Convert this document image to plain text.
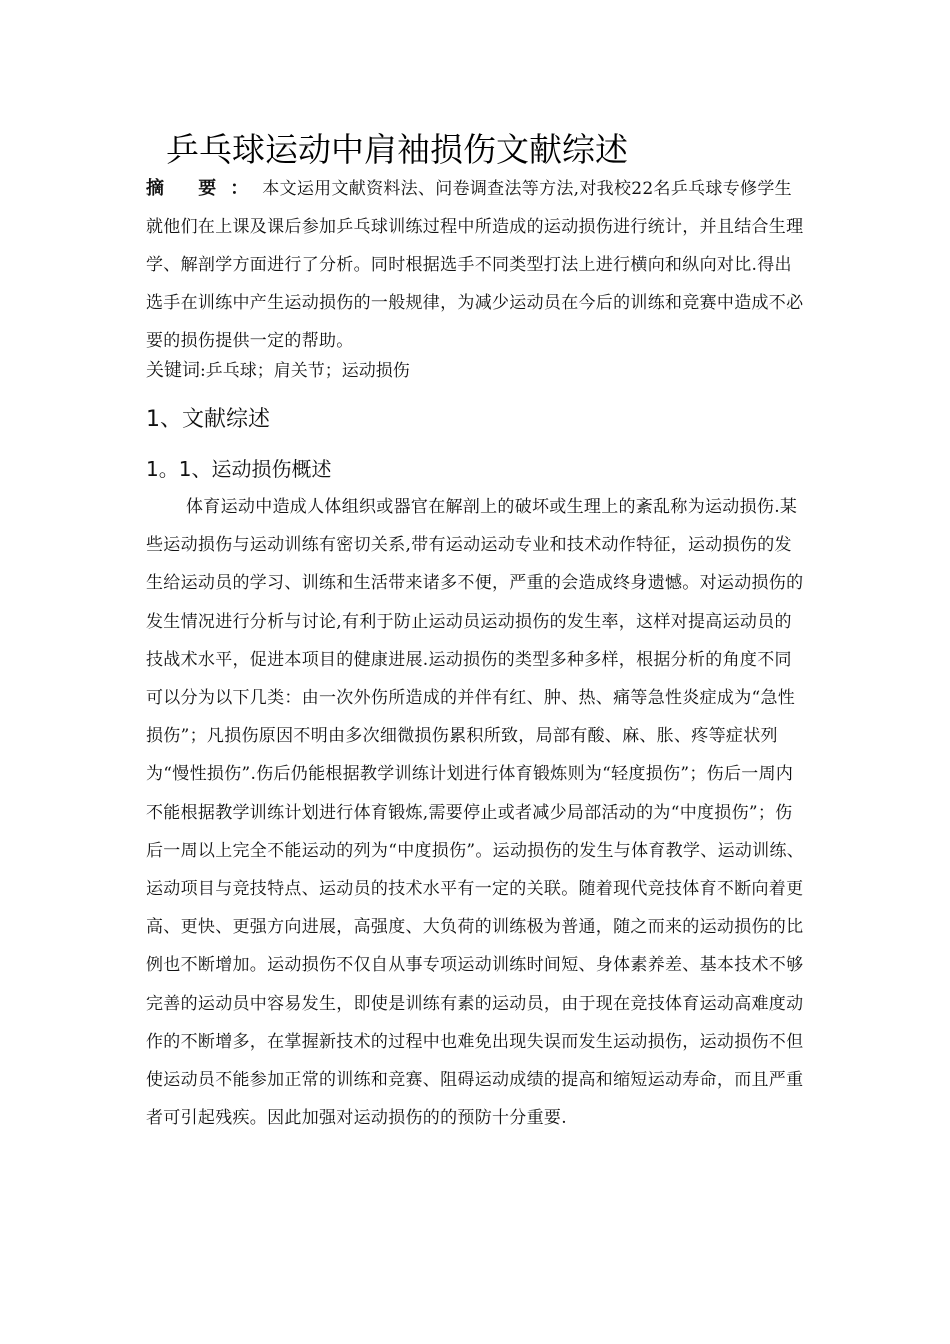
乒乓球运动中肩袖损伤文献综述
摘 要：本文运用文献资料法、问卷调查法等方法,对我校22名乒乓球专修学生就他们在上课及课后参加乒乓球训练过程中所造成的运动损伤进行统计，并且结合生理学、解剖学方面进行了分析。同时根据选手不同类型打法上进行横向和纵向对比.得出选手在训练中产生运动损伤的一般规律，为减少运动员在今后的训练和竞赛中造成不必要的损伤提供一定的帮助。
关键词:乒乓球；肩关节；运动损伤
1、文献综述
1。1、运动损伤概述

体育运动中造成人体组织或器官在解剖上的破坏或生理上的紊乱称为运动损伤.某些运动损伤与运动训练有密切关系,带有运动运动专业和技术动作特征，运动损伤的发生给运动员的学习、训练和生活带来诸多不便，严重的会造成终身遗憾。对运动损伤的发生情况进行分析与讨论,有利于防止运动员运动损伤的发生率，这样对提高运动员的技战术水平，促进本项目的健康进展.运动损伤的类型多种多样，根据分析的角度不同可以分为以下几类：由一次外伤所造成的并伴有红、肿、热、痛等急性炎症成为“急性损伤”；凡损伤原因不明由多次细微损伤累积所致，局部有酸、麻、胀、疼等症状列为“慢性损伤”.伤后仍能根据教学训练计划进行体育锻炼则为“轻度损伤”；伤后一周内不能根据教学训练计划进行体育锻炼,需要停止或者减少局部活动的为“中度损伤”；伤后一周以上完全不能运动的列为“中度损伤”。运动损伤的发生与体育教学、运动训练、运动项目与竞技特点、运动员的技术水平有一定的关联。随着现代竞技体育不断向着更高、更快、更强方向进展，高强度、大负荷的训练极为普通，随之而来的运动损伤的比例也不断增加。运动损伤不仅自从事专项运动训练时间短、身体素养差、基本技术不够完善的运动员中容易发生，即使是训练有素的运动员，由于现在竞技体育运动高难度动作的不断增多，在掌握新技术的过程中也难免出现失误而发生运动损伤，运动损伤不但使运动员不能参加正常的训练和竞赛、阻碍运动成绩的提高和缩短运动寿命，而且严重者可引起残疾。因此加强对运动损伤的的预防十分重要.
